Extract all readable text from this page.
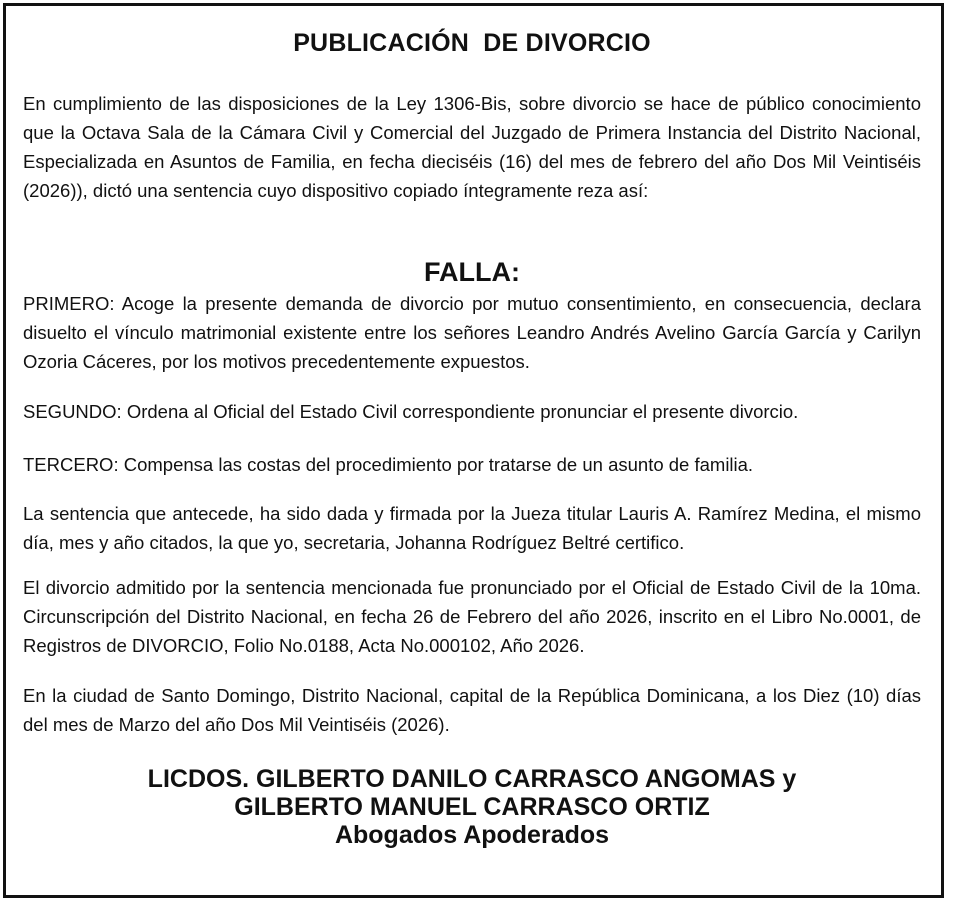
PUBLICACIÓN  DE DIVORCIO

En cumplimiento de las disposiciones de la Ley 1306-Bis, sobre divorcio se hace de público conocimiento que la Octava Sala de la Cámara Civil y Comercial del Juzgado de Primera Instancia del Distrito Nacional, Especializada en Asuntos de Familia, en fecha dieciséis (16) del mes de febrero del año Dos Mil Veintiséis (2026)), dictó una sentencia cuyo dispositivo copiado íntegramente reza así:

FALLA:

PRIMERO: Acoge la presente demanda de divorcio por mutuo consentimiento, en consecuencia, declara disuelto el vínculo matrimonial existente entre los señores Leandro Andrés Avelino García García y Carilyn Ozoria Cáceres, por los motivos precedentemente expuestos.

SEGUNDO: Ordena al Oficial del Estado Civil correspondiente pronunciar el presente divorcio.

TERCERO: Compensa las costas del procedimiento por tratarse de un asunto de familia.

La sentencia que antecede, ha sido dada y firmada por la Jueza titular Lauris A. Ramírez Medina, el mismo día, mes y año citados, la que yo, secretaria, Johanna Rodríguez Beltré certifico.

El divorcio admitido por la sentencia mencionada fue pronunciado por el Oficial de Estado Civil de la 10ma. Circunscripción del Distrito Nacional, en fecha 26 de Febrero del año 2026, inscrito en el Libro No.0001, de Registros de DIVORCIO, Folio No.0188, Acta No.000102, Año 2026.

En la ciudad de Santo Domingo, Distrito Nacional, capital de la República Dominicana, a los Diez (10) días del mes de Marzo del año Dos Mil Veintiséis (2026).

LICDOS. GILBERTO DANILO CARRASCO ANGOMAS y
GILBERTO MANUEL CARRASCO ORTIZ
Abogados Apoderados
